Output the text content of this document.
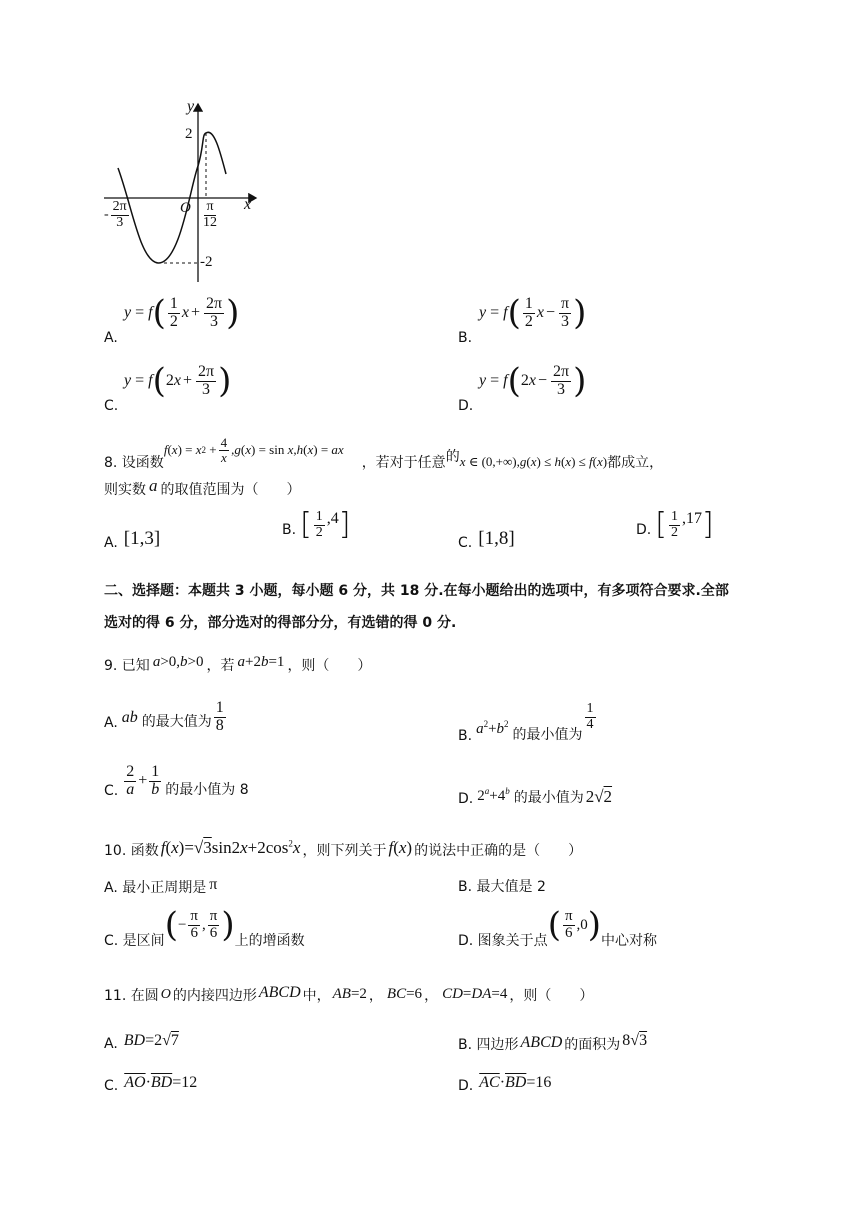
y
x
O
2
-2
- $\frac{2\pi}{3}$	$\frac{\pi}{12}$
A.
y = f ( $\frac{1}{2}$ $x + \frac{2\pi}{3}$ )
B.
y = f ( $\frac{1}{2}$ $x - \frac{\pi}{3}$ )
C.
y = f ( 2 $x + \frac{2\pi}{3}$ )
D.
y = f ( 2 $x - \frac{2\pi}{3}$ )
8. 设函数
f ( x ) = x $2 + \frac{4}{x}$ , g ( x ) = sin x , h ( x ) = ax
，若对于任意 的 x ∈ (0,+∞),g(x) ≤ h(x) ≤ f(x) 都成立，
则实数 a 的取值范围为（　　）
A. [1,3]	B. [ $\frac{1}{2} ,4$ ]
C. [1,8]	D. [ $\frac{1}{2} ,17$ ]
二、选择题：本题共 3 小题，每小题 6 分，共 18 分.在每小题给出的选项中，有多项符合要求.全部
选对的得 6 分，部分选对的得部分分，有选错的得 0 分.
9. 已知 a>0,b>0 ，若 a+2b=1 ，则（　　）
A. ab 的最大值为 $\frac{1}{8}$
B. $a^2+b^2$
的最小值为
$\frac{1}{4}$
C. $\frac{2}{a} + \frac{1}{b}$ 的最小值为 8
D. $2^a+4^b$ 的最小值为 2√2
10. 函数 $f(x)=√3\sin 2x+2\cos^2x$ ，则下列关于 f(x) 的说法中正确的是（　　）
A. 最小正周期是 π	B. 最大值是 2
C. 是区间 ( − $\frac{\pi}{6}$ , $\frac{\pi}{6}$ ) 上的增函数	D. 图象关于点 ( $\frac{\pi}{6} ,0$ ) 中心对称
11. 在圆 O 的内接四边形 ABCD 中， AB=2 ， BC=6 ， CD=DA=4 ，则（　　）
A. BD=2√7	B. 四边形 ABCD 的面积为 8√3
C. $\overline{AO}\cdot\overline{BD}=12$	D. $\overline{AC}\cdot\overline{BD}=16$
